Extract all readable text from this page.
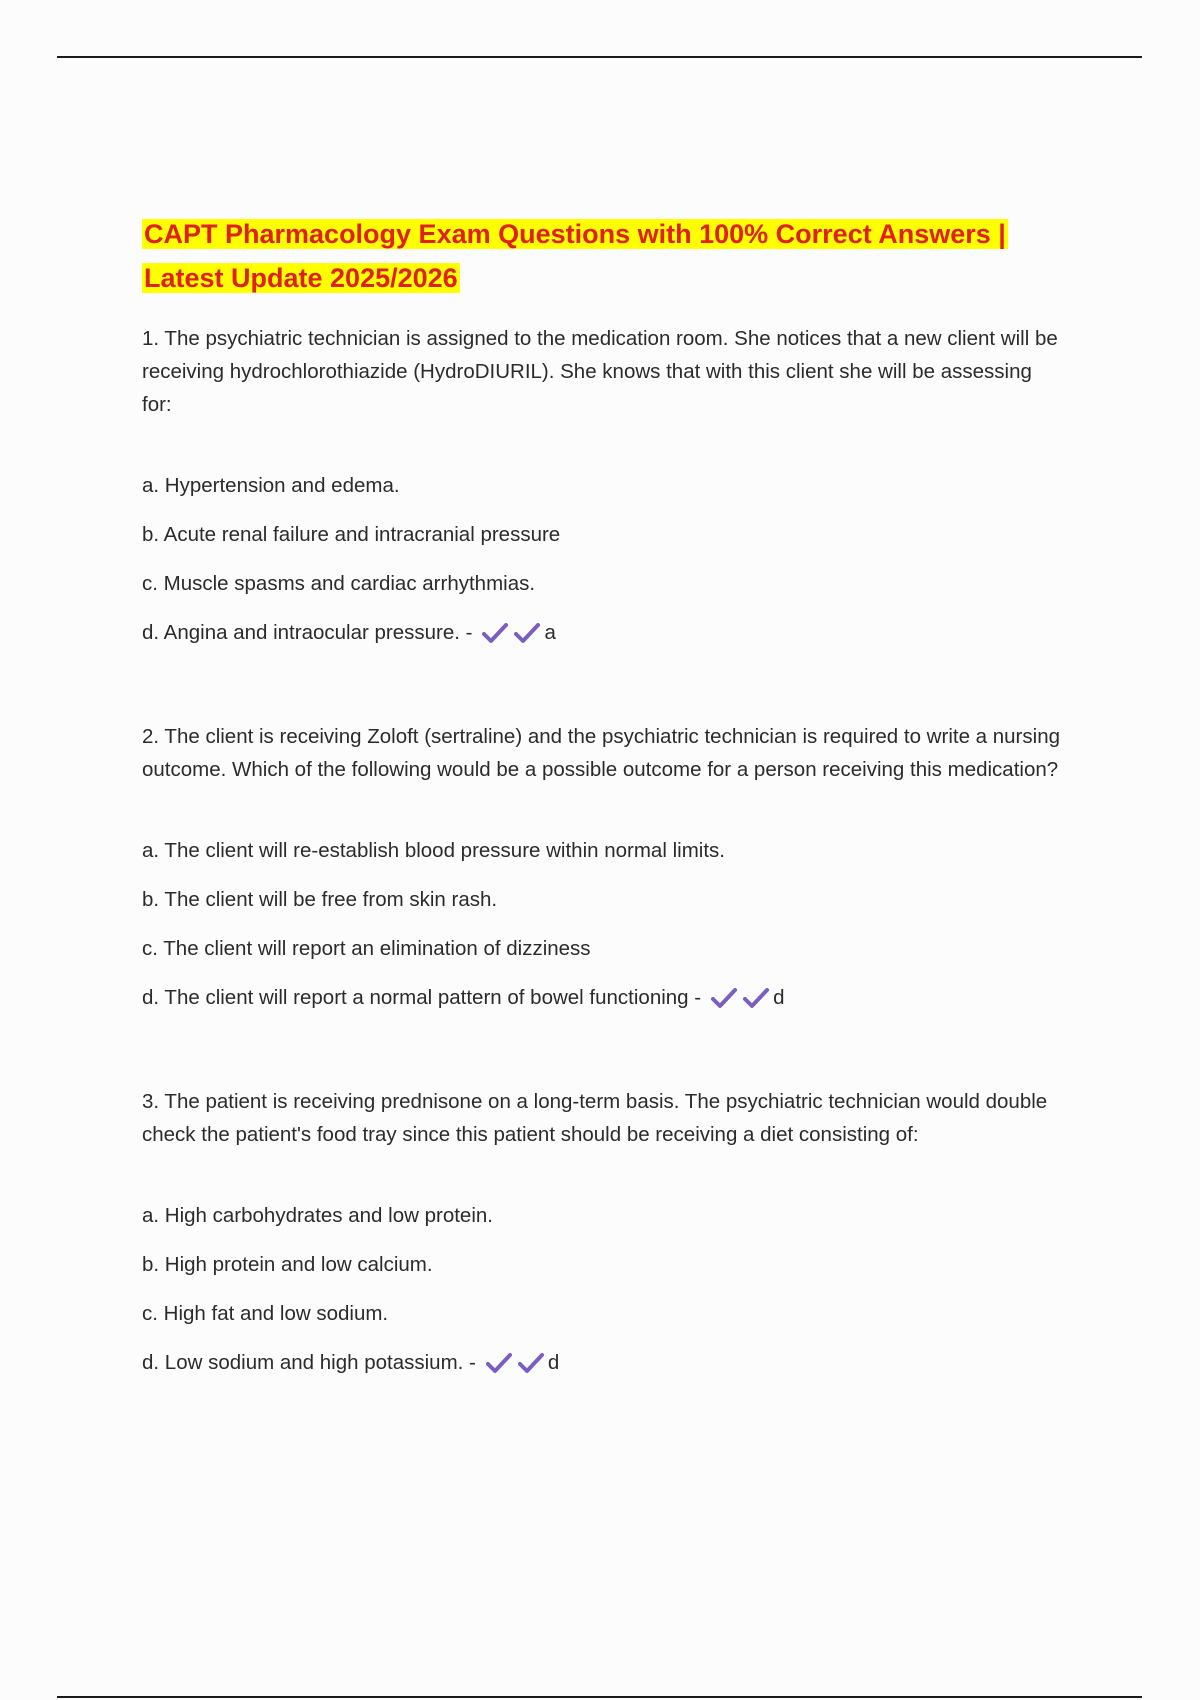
CAPT Pharmacology Exam Questions with 100% Correct Answers |
Latest Update 2025/2026

1. The psychiatric technician is assigned to the medication room. She notices that a new client will be receiving hydrochlorothiazide (HydroDIURIL). She knows that with this client she will be assessing for:

a. Hypertension and edema.
b. Acute renal failure and intracranial pressure
c. Muscle spasms and cardiac arrhythmias.
d. Angina and intraocular pressure. -	a

2. The client is receiving Zoloft (sertraline) and the psychiatric technician is required to write a nursing outcome. Which of the following would be a possible outcome for a person receiving this medication?

a. The client will re-establish blood pressure within normal limits.
b. The client will be free from skin rash.
c. The client will report an elimination of dizziness
d. The client will report a normal pattern of bowel functioning -	d

3. The patient is receiving prednisone on a long-term basis. The psychiatric technician would double check the patient's food tray since this patient should be receiving a diet consisting of:

a. High carbohydrates and low protein.
b. High protein and low calcium.
c. High fat and low sodium.
d. Low sodium and high potassium. -	d
